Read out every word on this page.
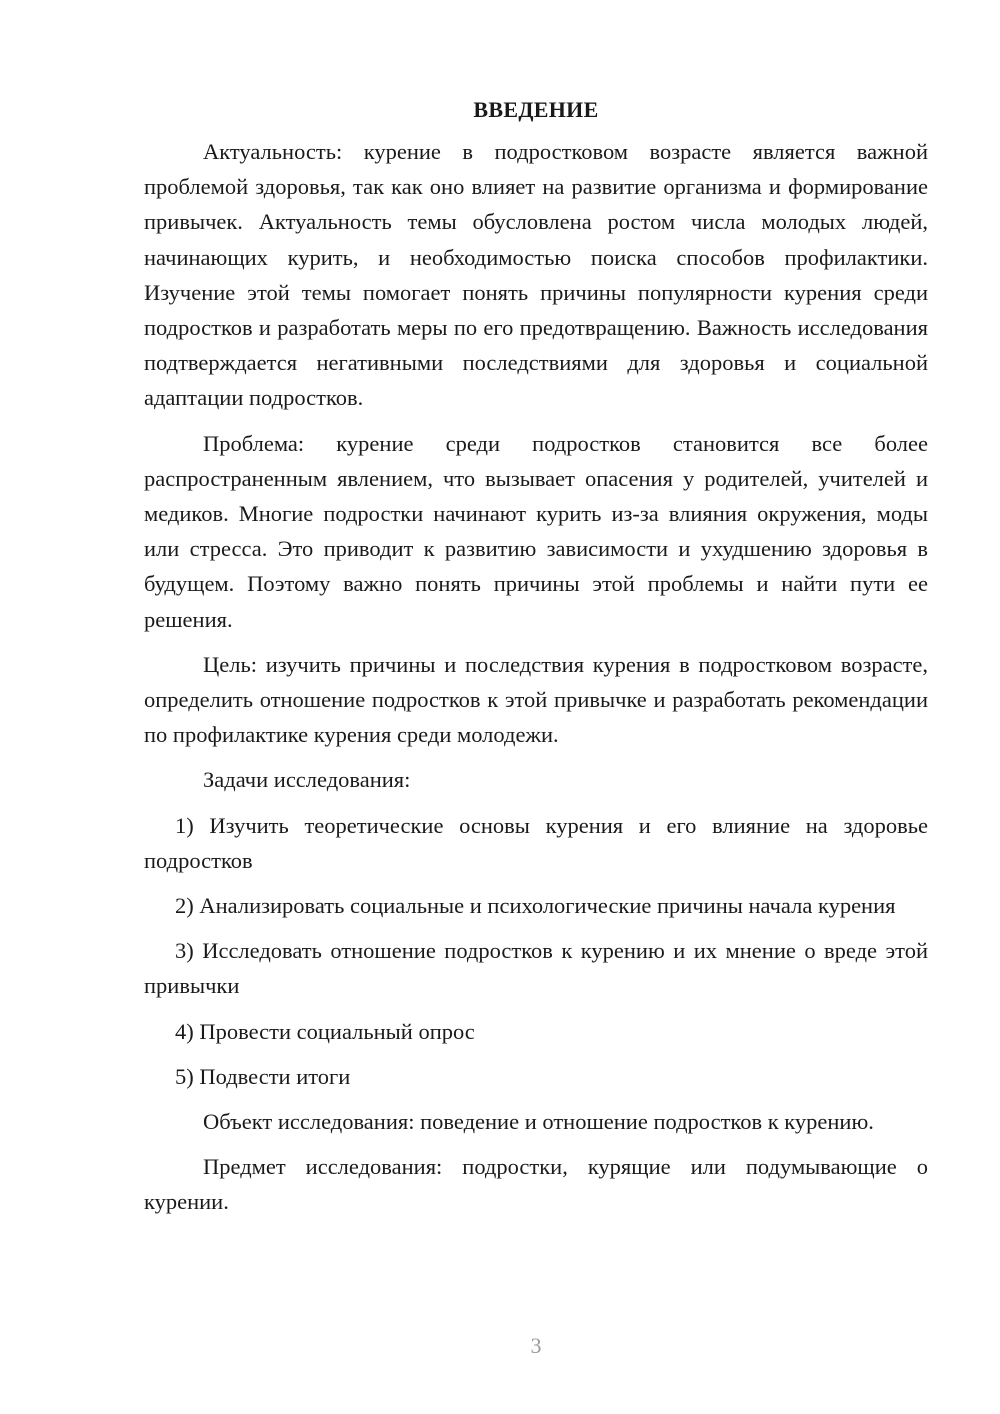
ВВЕДЕНИЕ

Актуальность: курение в подростковом возрасте является важной проблемой здоровья, так как оно влияет на развитие организма и формирование привычек. Актуальность темы обусловлена ростом числа молодых людей, начинающих курить, и необходимостью поиска способов профилактики. Изучение этой темы помогает понять причины популярности курения среди подростков и разработать меры по его предотвращению. Важность исследования подтверждается негативными последствиями для здоровья и социальной адаптации подростков.

Проблема: курение среди подростков становится все более распространенным явлением, что вызывает опасения у родителей, учителей и медиков. Многие подростки начинают курить из-за влияния окружения, моды или стресса. Это приводит к развитию зависимости и ухудшению здоровья в будущем. Поэтому важно понять причины этой проблемы и найти пути ее решения.

Цель: изучить причины и последствия курения в подростковом возрасте, определить отношение подростков к этой привычке и разработать рекомендации по профилактике курения среди молодежи.

Задачи исследования:

1) Изучить теоретические основы курения и его влияние на здоровье подростков

2) Анализировать социальные и психологические причины начала курения

3) Исследовать отношение подростков к курению и их мнение о вреде этой привычки

4) Провести социальный опрос

5) Подвести итоги

Объект исследования: поведение и отношение подростков к курению.

Предмет исследования: подростки, курящие или подумывающие о курении.

3
